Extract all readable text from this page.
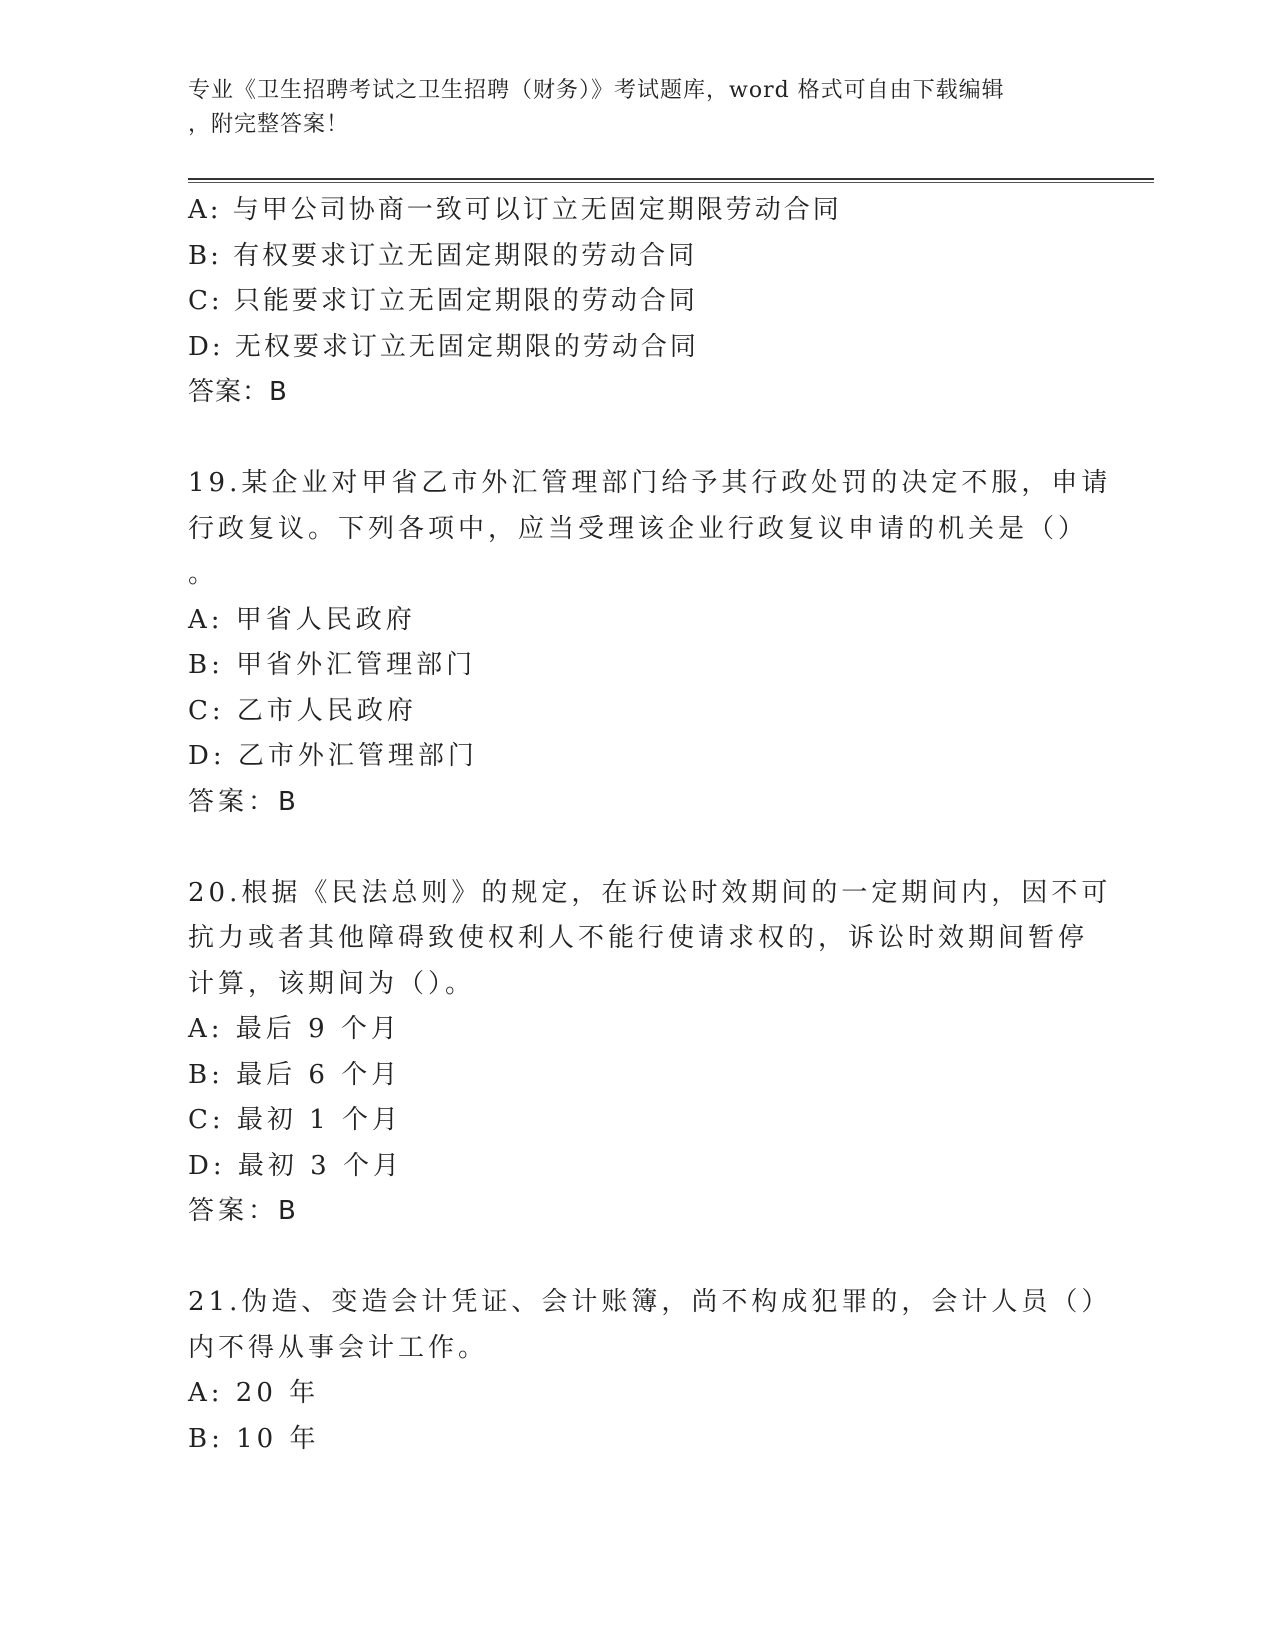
专业《卫生招聘考试之卫生招聘（财务）》考试题库，word 格式可自由下载编辑
，附完整答案！
A: 与甲公司协商一致可以订立无固定期限劳动合同
B: 有权要求订立无固定期限的劳动合同
C: 只能要求订立无固定期限的劳动合同
D: 无权要求订立无固定期限的劳动合同
答案：B
19.某企业对甲省乙市外汇管理部门给予其行政处罚的决定不服，申请
行政复议。下列各项中，应当受理该企业行政复议申请的机关是（）
。
A: 甲省人民政府
B: 甲省外汇管理部门
C: 乙市人民政府
D: 乙市外汇管理部门
答案：B
20.根据《民法总则》的规定，在诉讼时效期间的一定期间内，因不可
抗力或者其他障碍致使权利人不能行使请求权的，诉讼时效期间暂停
计算，该期间为（）。
A: 最后 9 个月
B: 最后 6 个月
C: 最初 1 个月
D: 最初 3 个月
答案：B
21.伪造、变造会计凭证、会计账簿，尚不构成犯罪的，会计人员（）
内不得从事会计工作。
A: 20 年
B: 10 年
